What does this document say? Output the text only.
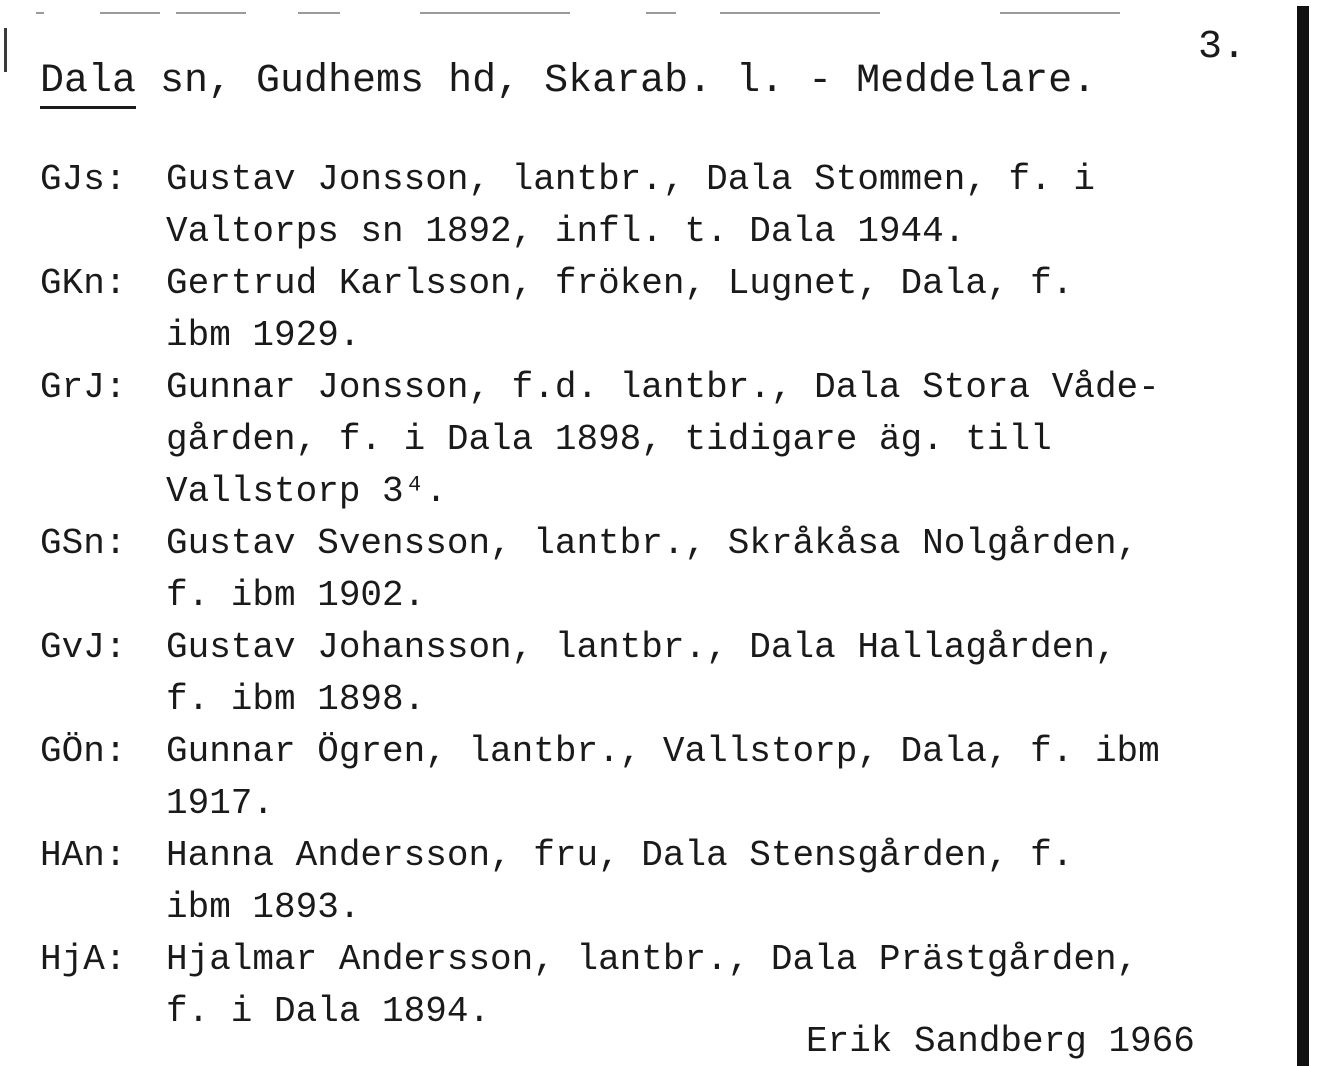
3.
Dala sn, Gudhems hd, Skarab. l. - Meddelare.
GJs:	Gustav Jonsson, lantbr., Dala Stommen, f. i
Valtorps sn 1892, infl. t. Dala 1944.
GKn:	Gertrud Karlsson, fröken, Lugnet, Dala, f.
ibm 1929.
GrJ:	Gunnar Jonsson, f.d. lantbr., Dala Stora Våde-
gården, f. i Dala 1898, tidigare äg. till
Vallstorp 3⁴.
GSn:	Gustav Svensson, lantbr., Skråkåsa Nolgården,
f. ibm 1902.
GvJ:	Gustav Johansson, lantbr., Dala Hallagården,
f. ibm 1898.
GÖn:	Gunnar Ögren, lantbr., Vallstorp, Dala, f. ibm
1917.
HAn:	Hanna Andersson, fru, Dala Stensgården, f.
ibm 1893.
HjA:	Hjalmar Andersson, lantbr., Dala Prästgården,
f. i Dala 1894.
Erik Sandberg 1966
